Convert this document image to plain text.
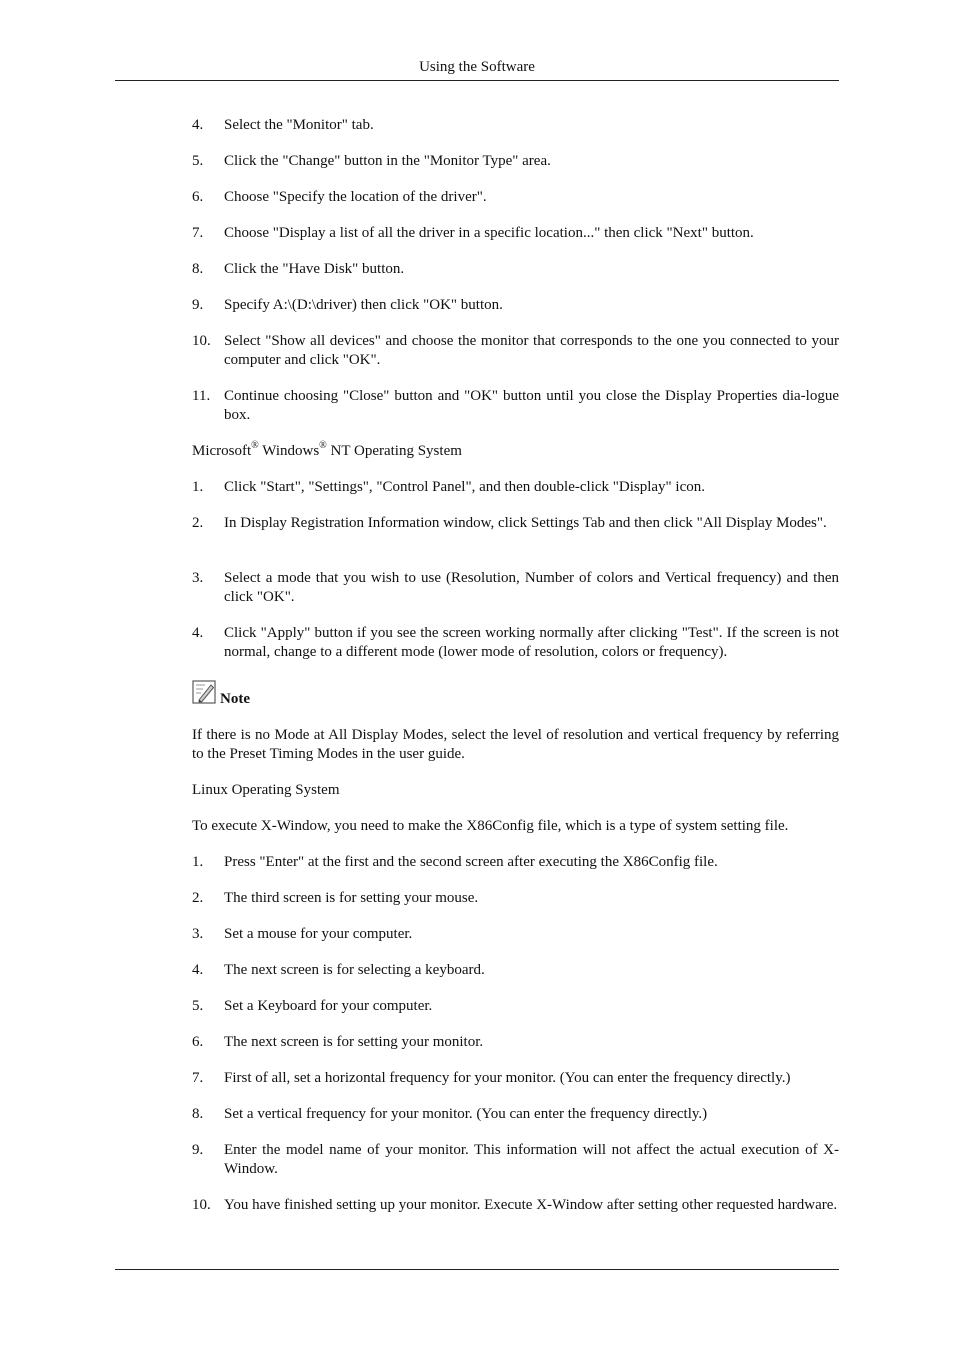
Using the Software
4. Select the "Monitor" tab.
5. Click the "Change" button in the "Monitor Type" area.
6. Choose "Specify the location of the driver".
7. Choose "Display a list of all the driver in a specific location..." then click "Next" button.
8. Click the "Have Disk" button.
9. Specify A:\(D:\driver) then click "OK" button.
10. Select "Show all devices" and choose the monitor that corresponds to the one you connected to your computer and click "OK".
11. Continue choosing "Close" button and "OK" button until you close the Display Properties dia-logue box.
Microsoft® Windows® NT Operating System
1. Click "Start", "Settings", "Control Panel", and then double-click "Display" icon.
2. In Display Registration Information window, click Settings Tab and then click "All Display Modes".
3. Select a mode that you wish to use (Resolution, Number of colors and Vertical frequency) and then click "OK".
4. Click "Apply" button if you see the screen working normally after clicking "Test". If the screen is not normal, change to a different mode (lower mode of resolution, colors or frequency).
Note
If there is no Mode at All Display Modes, select the level of resolution and vertical frequency by referring to the Preset Timing Modes in the user guide.
Linux Operating System
To execute X-Window, you need to make the X86Config file, which is a type of system setting file.
1. Press "Enter" at the first and the second screen after executing the X86Config file.
2. The third screen is for setting your mouse.
3. Set a mouse for your computer.
4. The next screen is for selecting a keyboard.
5. Set a Keyboard for your computer.
6. The next screen is for setting your monitor.
7. First of all, set a horizontal frequency for your monitor. (You can enter the frequency directly.)
8. Set a vertical frequency for your monitor. (You can enter the frequency directly.)
9. Enter the model name of your monitor. This information will not affect the actual execution of X-Window.
10. You have finished setting up your monitor. Execute X-Window after setting other requested hardware.
